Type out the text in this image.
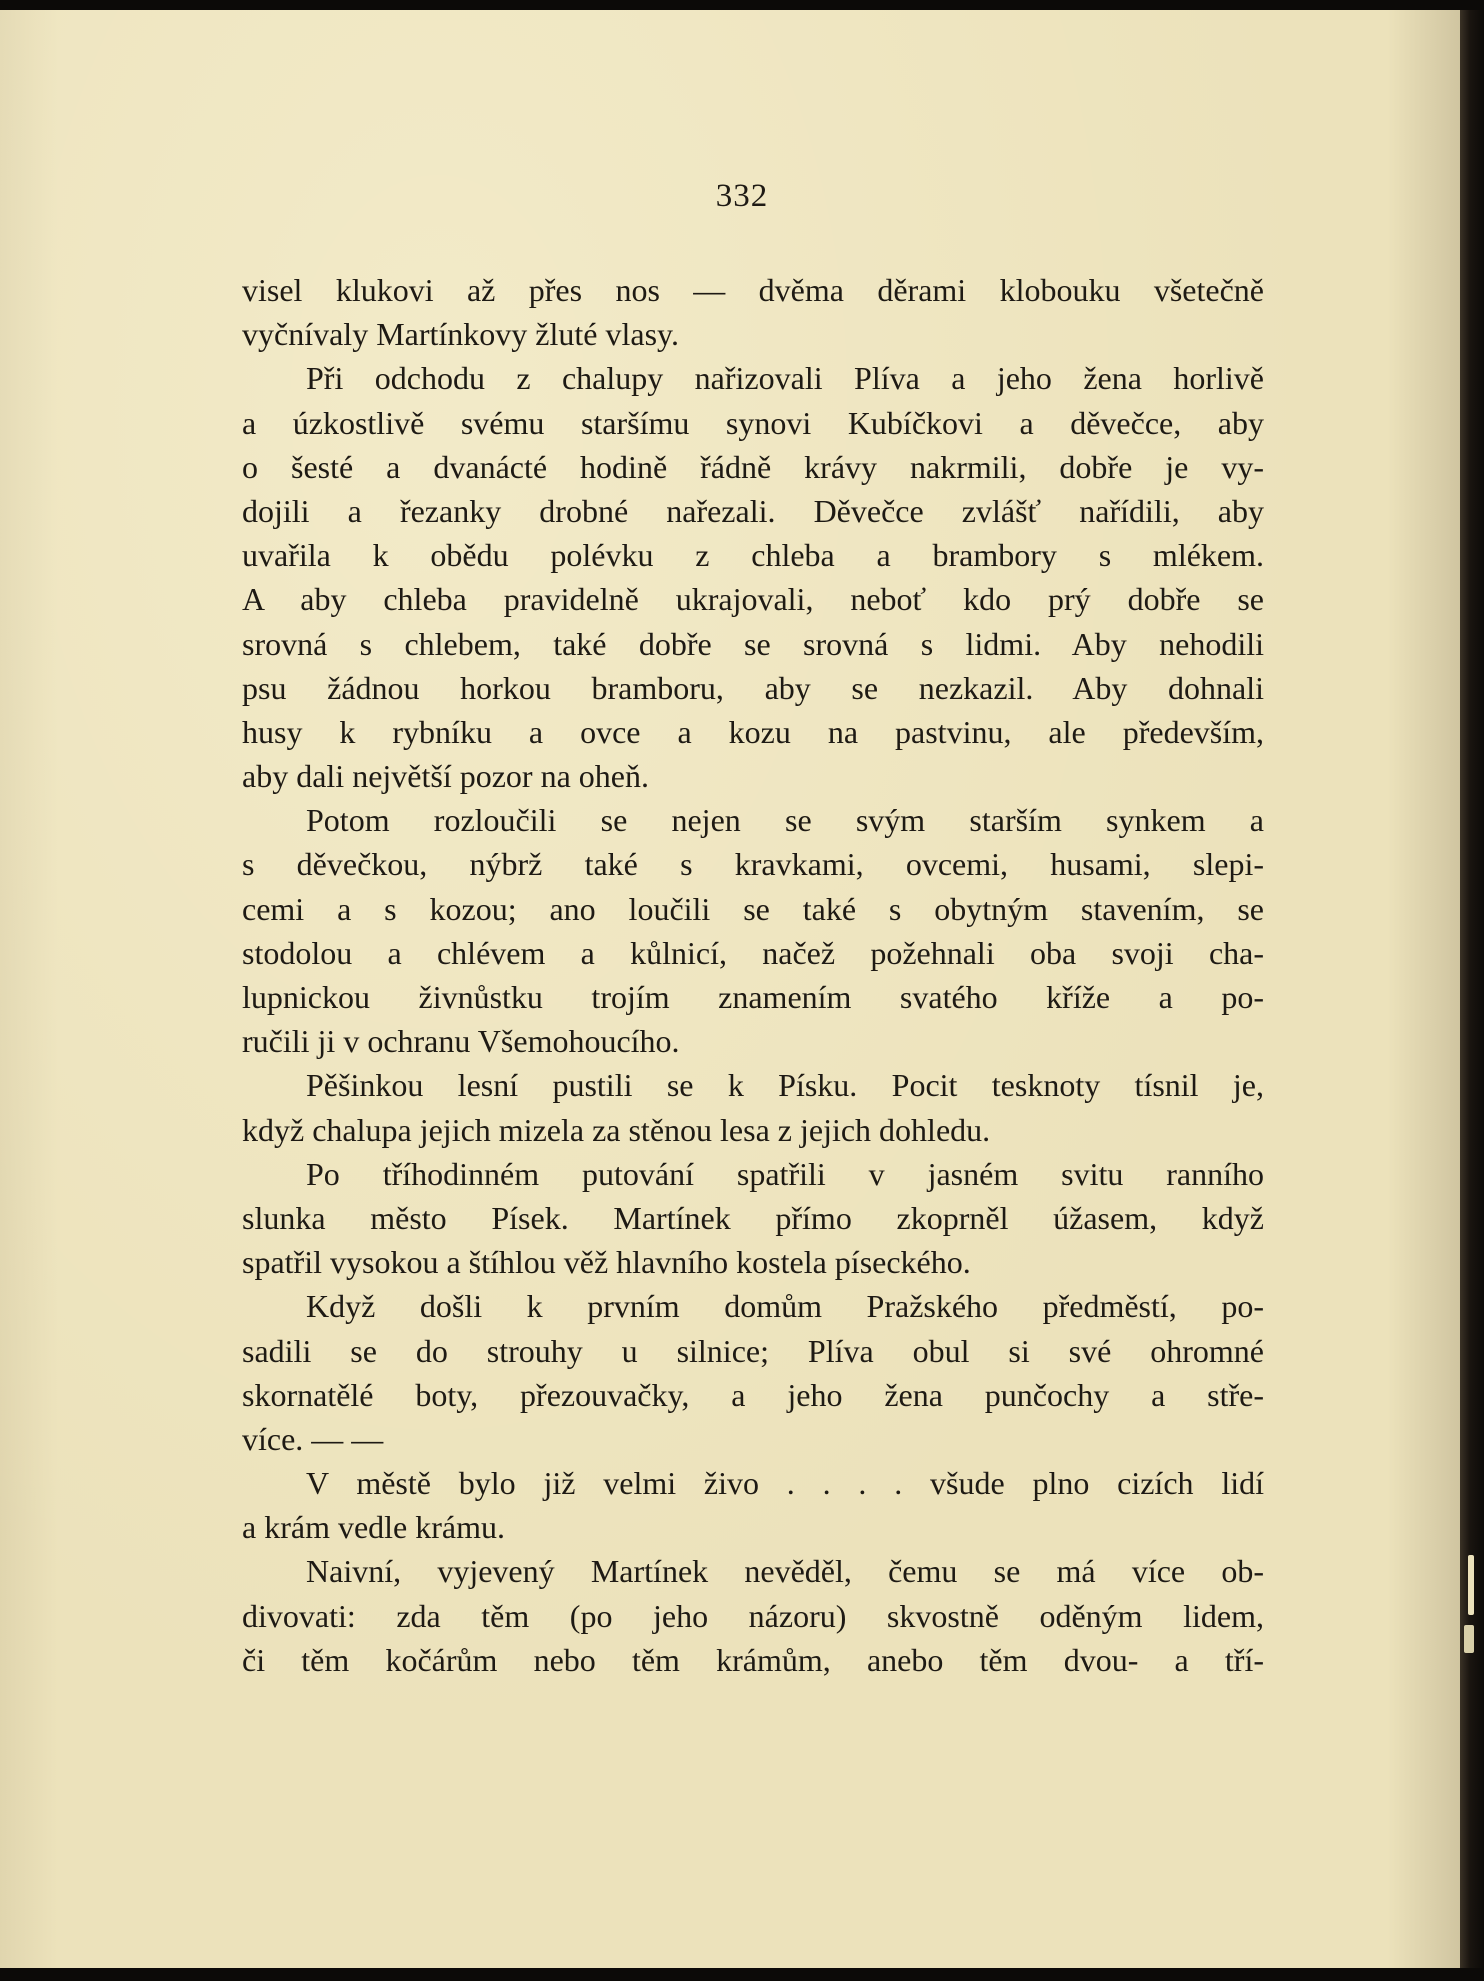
332
visel klukovi až přes nos — dvěma děrami klobouku všetečně
vyčnívaly Martínkovy žluté vlasy.
Při odchodu z chalupy nařizovali Plíva a jeho žena horlivě
a úzkostlivě svému staršímu synovi Kubíčkovi a děvečce, aby
o šesté a dvanácté hodině řádně krávy nakrmili, dobře je vy-
dojili a řezanky drobné nařezali. Děvečce zvlášť nařídili, aby
uvařila k obědu polévku z chleba a brambory s mlékem.
A aby chleba pravidelně ukrajovali, neboť kdo prý dobře se
srovná s chlebem, také dobře se srovná s lidmi. Aby nehodili
psu žádnou horkou bramboru, aby se nezkazil. Aby dohnali
husy k rybníku a ovce a kozu na pastvinu, ale především,
aby dali největší pozor na oheň.
Potom rozloučili se nejen se svým starším synkem a
s děvečkou, nýbrž také s kravkami, ovcemi, husami, slepi-
cemi a s kozou; ano loučili se také s obytným stavením, se
stodolou a chlévem a kůlnicí, načež požehnali oba svoji cha-
lupnickou živnůstku trojím znamením svatého kříže a po-
ručili ji v ochranu Všemohoucího.
Pěšinkou lesní pustili se k Písku. Pocit tesknoty tísnil je,
když chalupa jejich mizela za stěnou lesa z jejich dohledu.
Po tříhodinném putování spatřili v jasném svitu ranního
slunka město Písek. Martínek přímo zkoprněl úžasem, když
spatřil vysokou a štíhlou věž hlavního kostela píseckého.
Když došli k prvním domům Pražského předměstí, po-
sadili se do strouhy u silnice; Plíva obul si své ohromné
skornatělé boty, přezouvačky, a jeho žena punčochy a stře-
více. — —
V městě bylo již velmi živo . . . . všude plno cizích lidí
a krám vedle krámu.
Naivní, vyjevený Martínek nevěděl, čemu se má více ob-
divovati: zda těm (po jeho názoru) skvostně oděným lidem,
či těm kočárům nebo těm krámům, anebo těm dvou- a tří-
